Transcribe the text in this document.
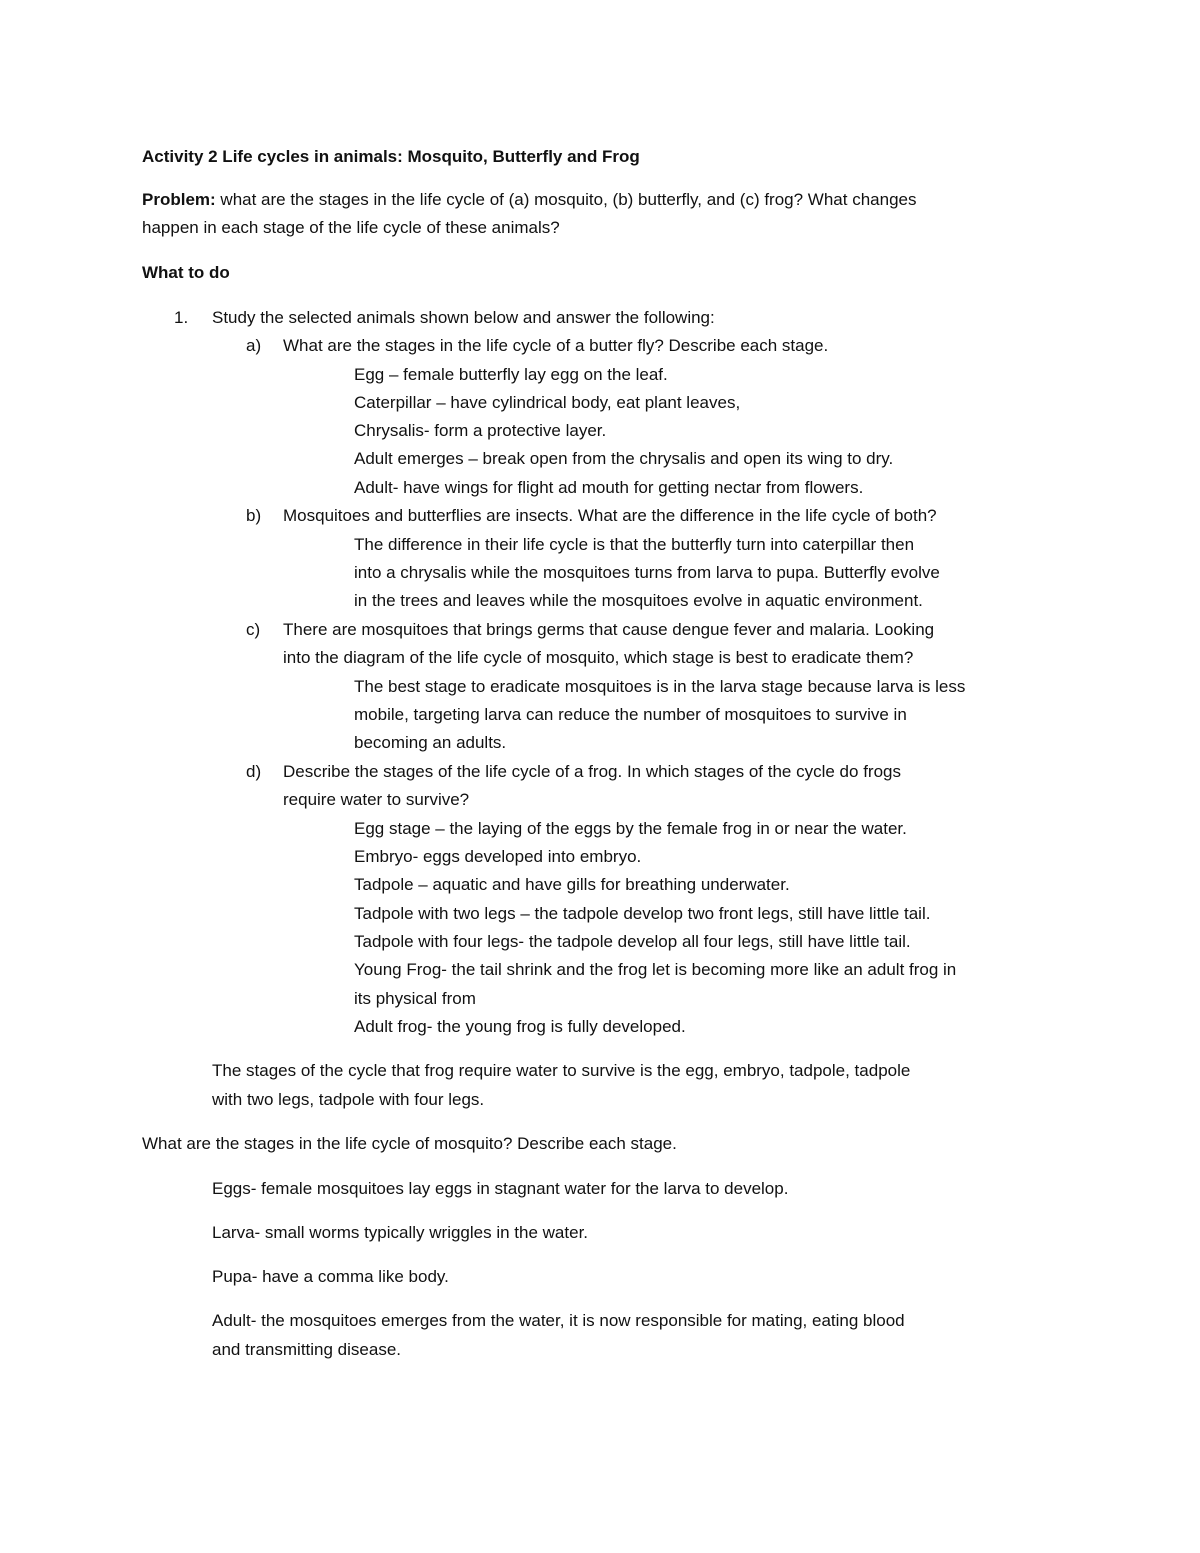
Activity 2 Life cycles in animals: Mosquito, Butterfly and Frog
Problem: what are the stages in the life cycle of (a) mosquito, (b) butterfly, and (c) frog? What changes
happen in each stage of the life cycle of these animals?
What to do
1. Study the selected animals shown below and answer the following:
a) What are the stages in the life cycle of a butter fly? Describe each stage.
Egg – female butterfly lay egg on the leaf.
Caterpillar – have cylindrical body, eat plant leaves,
Chrysalis- form a protective layer.
Adult emerges – break open from the chrysalis and open its wing to dry.
Adult- have wings for flight ad mouth for getting nectar from flowers.
b) Mosquitoes and butterflies are insects. What are the difference in the life cycle of both?
The difference in their life cycle is that the butterfly turn into caterpillar then
into a chrysalis while the mosquitoes turns from larva to pupa. Butterfly evolve
in the trees and leaves while the mosquitoes evolve in aquatic environment.
c) There are mosquitoes that brings germs that cause dengue fever and malaria. Looking
into the diagram of the life cycle of mosquito, which stage is best to eradicate them?
The best stage to eradicate mosquitoes is in the larva stage because larva is less
mobile, targeting larva can reduce the number of mosquitoes to survive in
becoming an adults.
d) Describe the stages of the life cycle of a frog. In which stages of the cycle do frogs
require water to survive?
Egg stage – the laying of the eggs by the female frog in or near the water.
Embryo- eggs developed into embryo.
Tadpole – aquatic and have gills for breathing underwater.
Tadpole with two legs – the tadpole develop two front legs, still have little tail.
Tadpole with four legs- the tadpole develop all four legs, still have little tail.
Young Frog- the tail shrink and the frog let is becoming more like an adult frog in
its physical from
Adult frog- the young frog is fully developed.
The stages of the cycle that frog require water to survive is the egg, embryo, tadpole, tadpole
with two legs, tadpole with four legs.
What are the stages in the life cycle of mosquito? Describe each stage.
Eggs- female mosquitoes lay eggs in stagnant water for the larva to develop.
Larva- small worms typically wriggles in the water.
Pupa- have a comma like body.
Adult- the mosquitoes emerges from the water, it is now responsible for mating, eating blood
and transmitting disease.
